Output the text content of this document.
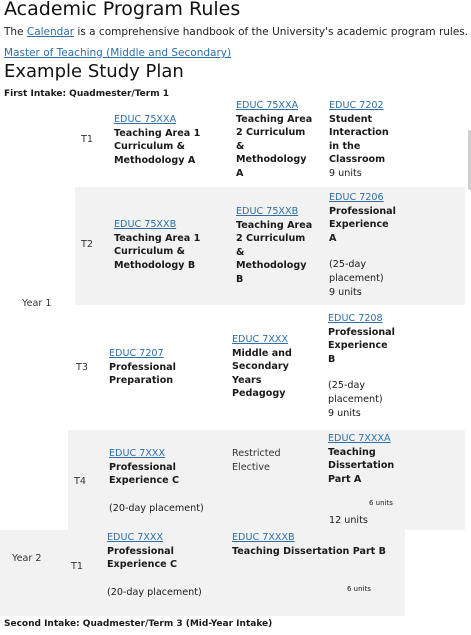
Academic Program Rules
The Calendar is a comprehensive handbook of the University's academic program rules.
Master of Teaching (Middle and Secondary)
Example Study Plan
First Intake: Quadmester/Term 1
Year 1
Year 2
T1
T2
T3
T4
T1
EDUC 75XXA
Teaching Area 1
Curriculum &
Methodology A
EDUC 75XXA
Teaching Area
2 Curriculum
&
Methodology
A
EDUC 7202
Student
Interaction
in the
Classroom
9 units
EDUC 75XXB
Teaching Area 1
Curriculum &
Methodology B
EDUC 75XXB
Teaching Area
2 Curriculum
&
Methodology
B
EDUC 7206
Professional
Experience
A
(25-day
placement)
9 units
EDUC 7207
Professional
Preparation
EDUC 7XXX
Middle and
Secondary
Years
Pedagogy
EDUC 7208
Professional
Experience
B
(25-day
placement)
9 units
EDUC 7XXX
Professional
Experience C
(20-day placement)
Restricted
Elective
EDUC 7XXXA
Teaching
Dissertation
Part A
6 units
12 units
EDUC 7XXX
Professional
Experience C
(20-day placement)
EDUC 7XXXB
Teaching Dissertation Part B
6 units
Second Intake: Quadmester/Term 3 (Mid-Year Intake)
